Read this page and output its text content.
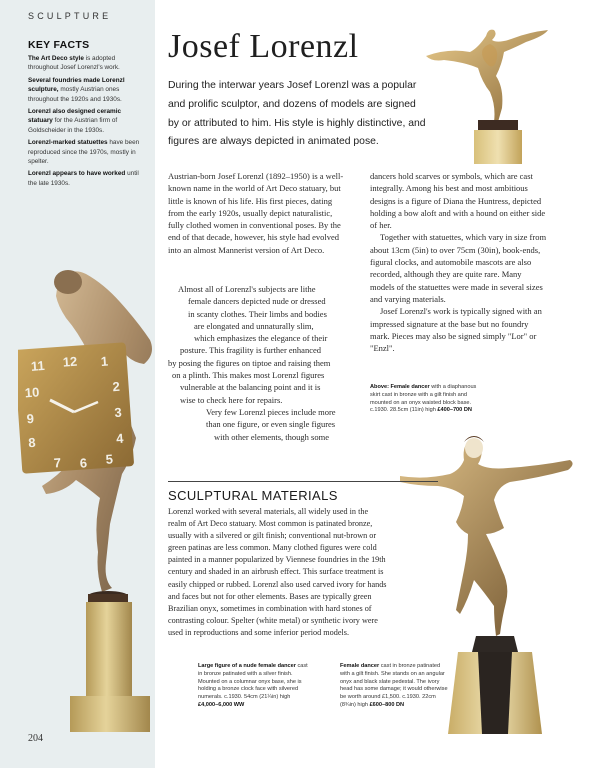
SCULPTURE
KEY FACTS
The Art Deco style is adopted throughout Josef Lorenzl's work.
Several foundries made Lorenzl sculpture, mostly Austrian ones throughout the 1920s and 1930s.
Lorenzl also designed ceramic statuary for the Austrian firm of Goldscheider in the 1930s.
Lorenzl-marked statuettes have been reproduced since the 1970s, mostly in spelter.
Lorenzl appears to have worked until the late 1930s.
Josef Lorenzl
During the interwar years Josef Lorenzl was a popular and prolific sculptor, and dozens of models are signed by or attributed to him. His style is highly distinctive, and figures are always depicted in animated pose.

Austrian-born Josef Lorenzl (1892–1950) is a well-known name in the world of Art Deco statuary, but little is known of his life. His first pieces, dating from the early 1920s, usually depict naturalistic, fully clothed women in conventional poses. By the end of that decade, however, his style had evolved into an almost Mannerist version of Art Deco.

Almost all of Lorenzl's subjects are lithe
female dancers depicted nude or dressed
in scanty clothes. Their limbs and bodies
are elongated and unnaturally slim,
which emphasizes the elegance of their
posture. This fragility is further enhanced
by posing the figures on tiptoe and raising them
on a plinth. This makes most Lorenzl figures
vulnerable at the balancing point and it is
wise to check here for repairs.
Very few Lorenzl pieces include more
than one figure, or even single figures
with other elements, though some

dancers hold scarves or symbols, which are cast integrally. Among his best and most ambitious designs is a figure of Diana the Huntress, depicted holding a bow aloft and with a hound on either side of her.

Together with statuettes, which vary in size from about 13cm (5in) to over 75cm (30in), book-ends, figural clocks, and automobile mascots are also recorded, although they are quite rare. Many models of the statuettes were made in several sizes and varying materials.

Josef Lorenzl's work is typically signed with an impressed signature at the base but no foundry mark. Pieces may also be signed simply "Lor" or "Enzl".

Above: Female dancer with a diaphanous skirt cast in bronze with a gilt finish and mounted on an onyx waisted block base. c.1930. 28.5cm (11in) high £400–700 DN
11 12 1
2
3
4
5
6
7
8
9
10
SCULPTURAL MATERIALS
Lorenzl worked with several materials, all widely used in the realm of Art Deco statuary. Most common is patinated bronze, usually with a silvered or gilt finish; conventional nut-brown or green patinas are less common. Many clothed figures were cold painted in a manner popularized by Viennese foundries in the 19th century and shaded in an airbrush effect. This surface treatment is easily chipped or rubbed. Lorenzl also used carved ivory for hands and faces but not for other elements. Bases are typically green Brazilian onyx, sometimes in combination with hard stones of contrasting colour. Spelter (white metal) or synthetic ivory were used in reproductions and some inferior period models.
Large figure of a nude female dancer cast in bronze patinated with a silver finish. Mounted on a columnar onyx base, she is holding a bronze clock face with silvered numerals. c.1930. 54cm (21¼in) high £4,000–6,000 WW
Female dancer cast in bronze patinated with a gilt finish. She stands on an angular onyx and black slate pedestal. The ivory head has some damage; it would otherwise be worth around £1,500. c.1930. 22cm (8¾in) high £600–800 DN
204
